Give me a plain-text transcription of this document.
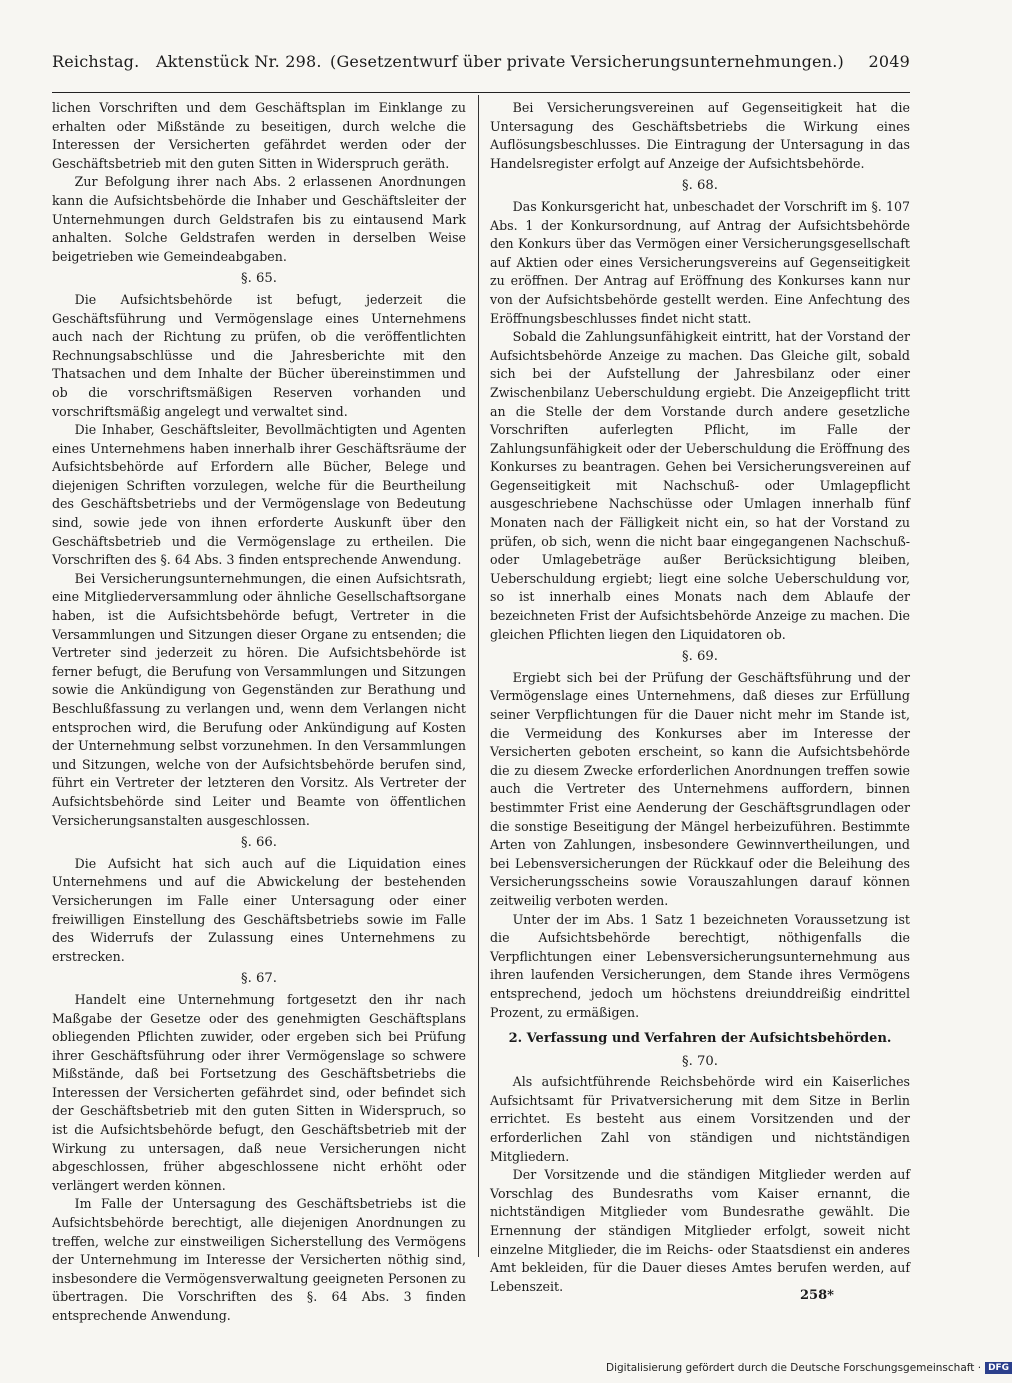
Reichstag. Aktenstück Nr. 298. (Gesetzentwurf über private Versicherungsunternehmungen.) 2049

lichen Vorschriften und dem Geschäftsplan im Einklange zu erhalten oder Mißstände zu beseitigen, durch welche die Interessen der Versicherten gefährdet werden oder der Geschäftsbetrieb mit den guten Sitten in Widerspruch geräth.

Zur Befolgung ihrer nach Abs. 2 erlassenen Anordnungen kann die Aufsichtsbehörde die Inhaber und Geschäftsleiter der Unternehmungen durch Geldstrafen bis zu eintausend Mark anhalten. Solche Geldstrafen werden in derselben Weise beigetrieben wie Gemeindeabgaben.

§. 65.

Die Aufsichtsbehörde ist befugt, jederzeit die Geschäftsführung und Vermögenslage eines Unternehmens auch nach der Richtung zu prüfen, ob die veröffentlichten Rechnungsabschlüsse und die Jahresberichte mit den Thatsachen und dem Inhalte der Bücher übereinstimmen und ob die vorschriftsmäßigen Reserven vorhanden und vorschriftsmäßig angelegt und verwaltet sind.

Die Inhaber, Geschäftsleiter, Bevollmächtigten und Agenten eines Unternehmens haben innerhalb ihrer Geschäftsräume der Aufsichtsbehörde auf Erfordern alle Bücher, Belege und diejenigen Schriften vorzulegen, welche für die Beurtheilung des Geschäftsbetriebs und der Vermögenslage von Bedeutung sind, sowie jede von ihnen erforderte Auskunft über den Geschäftsbetrieb und die Vermögenslage zu ertheilen. Die Vorschriften des §. 64 Abs. 3 finden entsprechende Anwendung.

Bei Versicherungsunternehmungen, die einen Aufsichtsrath, eine Mitgliederversammlung oder ähnliche Gesellschaftsorgane haben, ist die Aufsichtsbehörde befugt, Vertreter in die Versammlungen und Sitzungen dieser Organe zu entsenden; die Vertreter sind jederzeit zu hören. Die Aufsichtsbehörde ist ferner befugt, die Berufung von Versammlungen und Sitzungen sowie die Ankündigung von Gegenständen zur Berathung und Beschlußfassung zu verlangen und, wenn dem Verlangen nicht entsprochen wird, die Berufung oder Ankündigung auf Kosten der Unternehmung selbst vorzunehmen. In den Versammlungen und Sitzungen, welche von der Aufsichtsbehörde berufen sind, führt ein Vertreter der letzteren den Vorsitz. Als Vertreter der Aufsichtsbehörde sind Leiter und Beamte von öffentlichen Versicherungsanstalten ausgeschlossen.

§. 66.

Die Aufsicht hat sich auch auf die Liquidation eines Unternehmens und auf die Abwickelung der bestehenden Versicherungen im Falle einer Untersagung oder einer freiwilligen Einstellung des Geschäftsbetriebs sowie im Falle des Widerrufs der Zulassung eines Unternehmens zu erstrecken.

§. 67.

Handelt eine Unternehmung fortgesetzt den ihr nach Maßgabe der Gesetze oder des genehmigten Geschäftsplans obliegenden Pflichten zuwider, oder ergeben sich bei Prüfung ihrer Geschäftsführung oder ihrer Vermögenslage so schwere Mißstände, daß bei Fortsetzung des Geschäftsbetriebs die Interessen der Versicherten gefährdet sind, oder befindet sich der Geschäftsbetrieb mit den guten Sitten in Widerspruch, so ist die Aufsichtsbehörde befugt, den Geschäftsbetrieb mit der Wirkung zu untersagen, daß neue Versicherungen nicht abgeschlossen, früher abgeschlossene nicht erhöht oder verlängert werden können.

Im Falle der Untersagung des Geschäftsbetriebs ist die Aufsichtsbehörde berechtigt, alle diejenigen Anordnungen zu treffen, welche zur einstweiligen Sicherstellung des Vermögens der Unternehmung im Interesse der Versicherten nöthig sind, insbesondere die Vermögensverwaltung geeigneten Personen zu übertragen. Die Vorschriften des §. 64 Abs. 3 finden entsprechende Anwendung.

Bei Versicherungsvereinen auf Gegenseitigkeit hat die Untersagung des Geschäftsbetriebs die Wirkung eines Auflösungsbeschlusses. Die Eintragung der Untersagung in das Handelsregister erfolgt auf Anzeige der Aufsichtsbehörde.

§. 68.

Das Konkursgericht hat, unbeschadet der Vorschrift im §. 107 Abs. 1 der Konkursordnung, auf Antrag der Aufsichtsbehörde den Konkurs über das Vermögen einer Versicherungsgesellschaft auf Aktien oder eines Versicherungsvereins auf Gegenseitigkeit zu eröffnen. Der Antrag auf Eröffnung des Konkurses kann nur von der Aufsichtsbehörde gestellt werden. Eine Anfechtung des Eröffnungsbeschlusses findet nicht statt.

Sobald die Zahlungsunfähigkeit eintritt, hat der Vorstand der Aufsichtsbehörde Anzeige zu machen. Das Gleiche gilt, sobald sich bei der Aufstellung der Jahresbilanz oder einer Zwischenbilanz Ueberschuldung ergiebt. Die Anzeigepflicht tritt an die Stelle der dem Vorstande durch andere gesetzliche Vorschriften auferlegten Pflicht, im Falle der Zahlungsunfähigkeit oder der Ueberschuldung die Eröffnung des Konkurses zu beantragen. Gehen bei Versicherungsvereinen auf Gegenseitigkeit mit Nachschuß- oder Umlagepflicht ausgeschriebene Nachschüsse oder Umlagen innerhalb fünf Monaten nach der Fälligkeit nicht ein, so hat der Vorstand zu prüfen, ob sich, wenn die nicht baar eingegangenen Nachschuß- oder Umlagebeträge außer Berücksichtigung bleiben, Ueberschuldung ergiebt; liegt eine solche Ueberschuldung vor, so ist innerhalb eines Monats nach dem Ablaufe der bezeichneten Frist der Aufsichtsbehörde Anzeige zu machen. Die gleichen Pflichten liegen den Liquidatoren ob.

§. 69.

Ergiebt sich bei der Prüfung der Geschäftsführung und der Vermögenslage eines Unternehmens, daß dieses zur Erfüllung seiner Verpflichtungen für die Dauer nicht mehr im Stande ist, die Vermeidung des Konkurses aber im Interesse der Versicherten geboten erscheint, so kann die Aufsichtsbehörde die zu diesem Zwecke erforderlichen Anordnungen treffen sowie auch die Vertreter des Unternehmens auffordern, binnen bestimmter Frist eine Aenderung der Geschäftsgrundlagen oder die sonstige Beseitigung der Mängel herbeizuführen. Bestimmte Arten von Zahlungen, insbesondere Gewinnvertheilungen, und bei Lebensversicherungen der Rückkauf oder die Beleihung des Versicherungsscheins sowie Vorauszahlungen darauf können zeitweilig verboten werden.

Unter der im Abs. 1 Satz 1 bezeichneten Voraussetzung ist die Aufsichtsbehörde berechtigt, nöthigenfalls die Verpflichtungen einer Lebensversicherungsunternehmung aus ihren laufenden Versicherungen, dem Stande ihres Vermögens entsprechend, jedoch um höchstens dreiunddreißig eindrittel Prozent, zu ermäßigen.

2. Verfassung und Verfahren der Aufsichtsbehörden.
§. 70.

Als aufsichtführende Reichsbehörde wird ein Kaiserliches Aufsichtsamt für Privatversicherung mit dem Sitze in Berlin errichtet. Es besteht aus einem Vorsitzenden und der erforderlichen Zahl von ständigen und nichtständigen Mitgliedern.

Der Vorsitzende und die ständigen Mitglieder werden auf Vorschlag des Bundesraths vom Kaiser ernannt, die nichtständigen Mitglieder vom Bundesrathe gewählt. Die Ernennung der ständigen Mitglieder erfolgt, soweit nicht einzelne Mitglieder, die im Reichs- oder Staatsdienst ein anderes Amt bekleiden, für die Dauer dieses Amtes berufen werden, auf Lebenszeit.

258*
Digitalisierung gefördert durch die Deutsche Forschungsgemeinschaft · DFG
